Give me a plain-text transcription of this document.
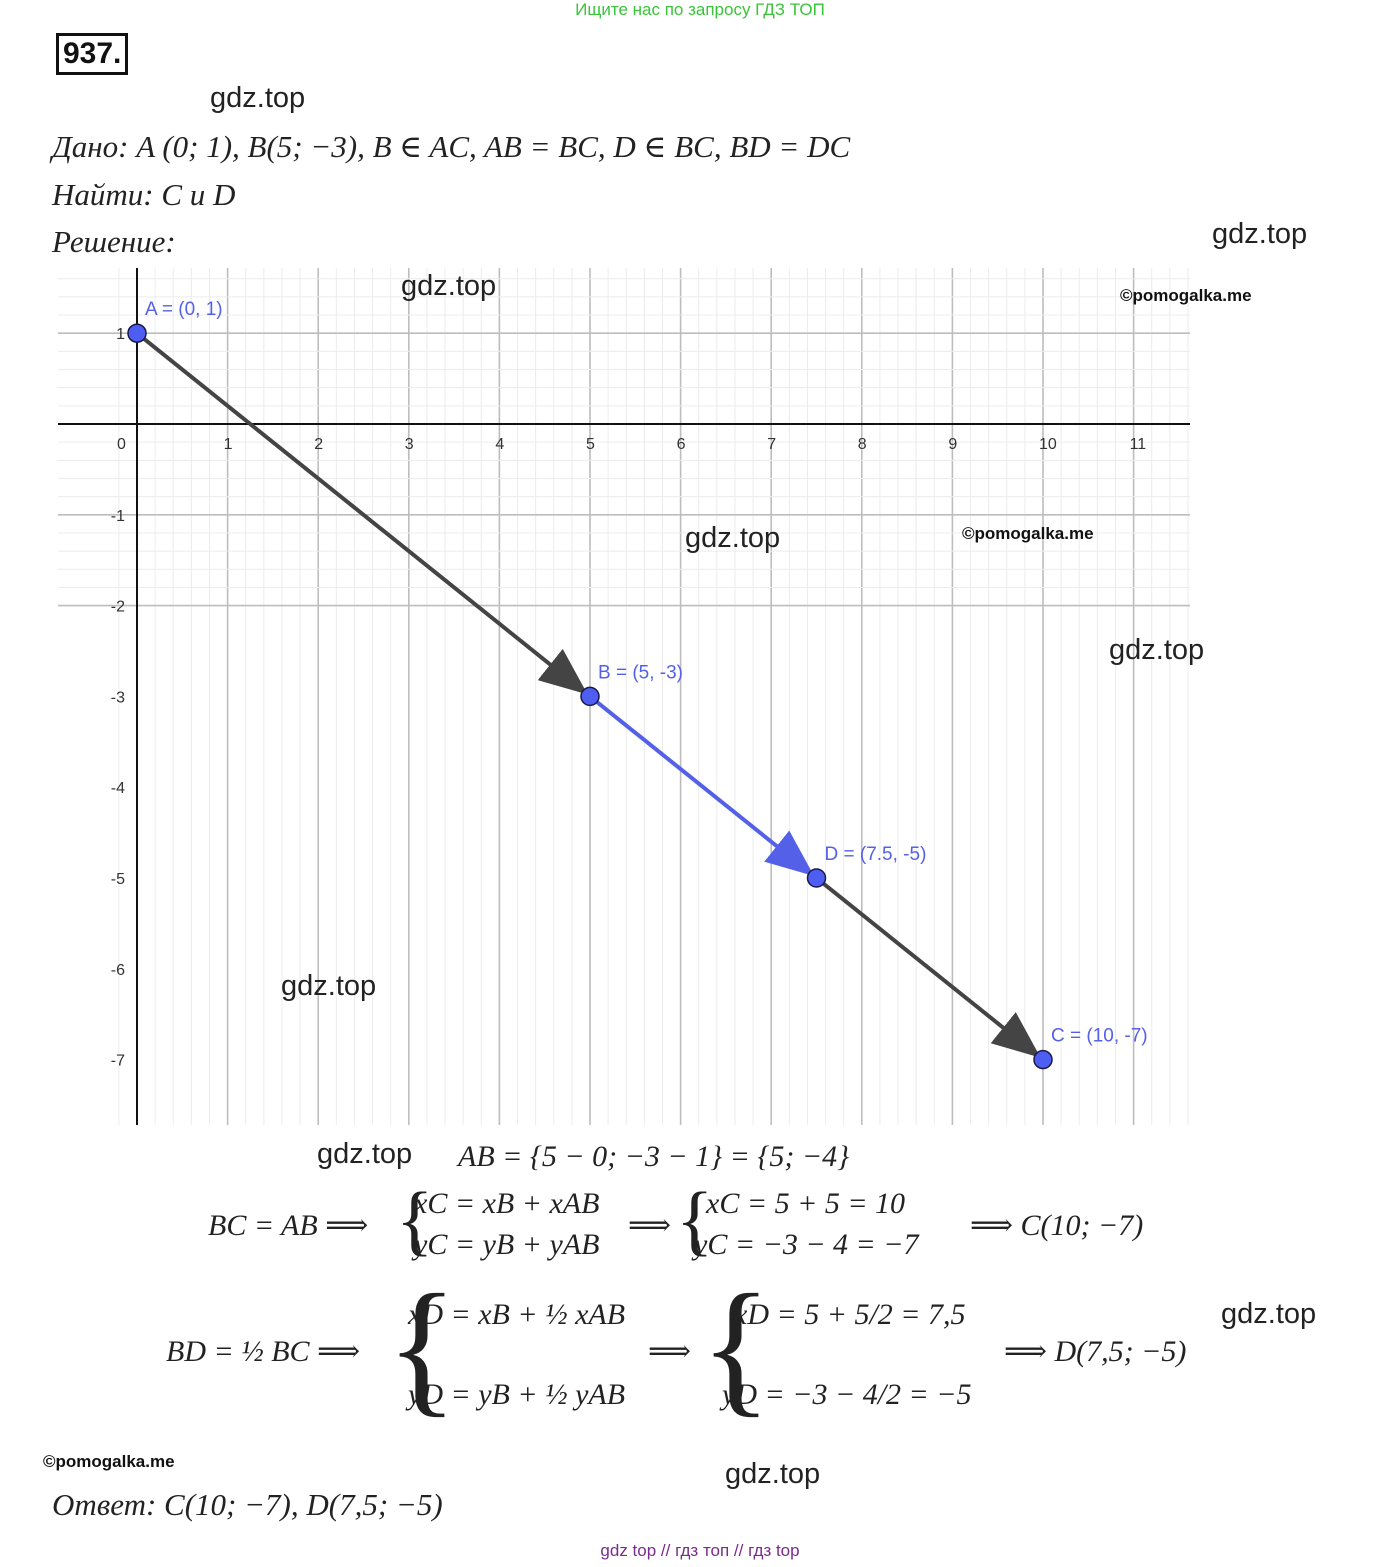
Ищите нас по запросу ГДЗ ТОП
937.
gdz.top
gdz.top
Дано: A (0; 1), B(5; −3), B ∈ AC, AB = BC, D ∈ BC, BD = DC
Найти: C и D
Решение:
0	1	2	3	4	5	6	7	8	9	10	11
1
-1
-2
-3
-4
-5
-6
-7
A = (0, 1)
B = (5, -3)
D = (7.5, -5)
C = (10, -7)
gdz.top
gdz.top
gdz.top
gdz.top
©pomogalka.me
©pomogalka.me
gdz.top AB = {5 − 0; −3 − 1} = {5; −4}
BC = AB ⟹ {
xC = xB + xAB
yC = yB + yAB
⟹ {
xC = 5 + 5 = 10
yC = −3 − 4 = −7
⟹ C(10; −7)
BD = ½ BC ⟹ {
xD = xB + ½ xAB
yD = yB + ½ yAB
⟹ {
xD = 5 + 5/2 = 7,5
yD = −3 − 4/2 = −5
⟹ D(7,5; −5)
gdz.top
©pomogalka.me	gdz.top
Ответ: C(10; −7), D(7,5; −5)
gdz top // гдз топ // гдз top
